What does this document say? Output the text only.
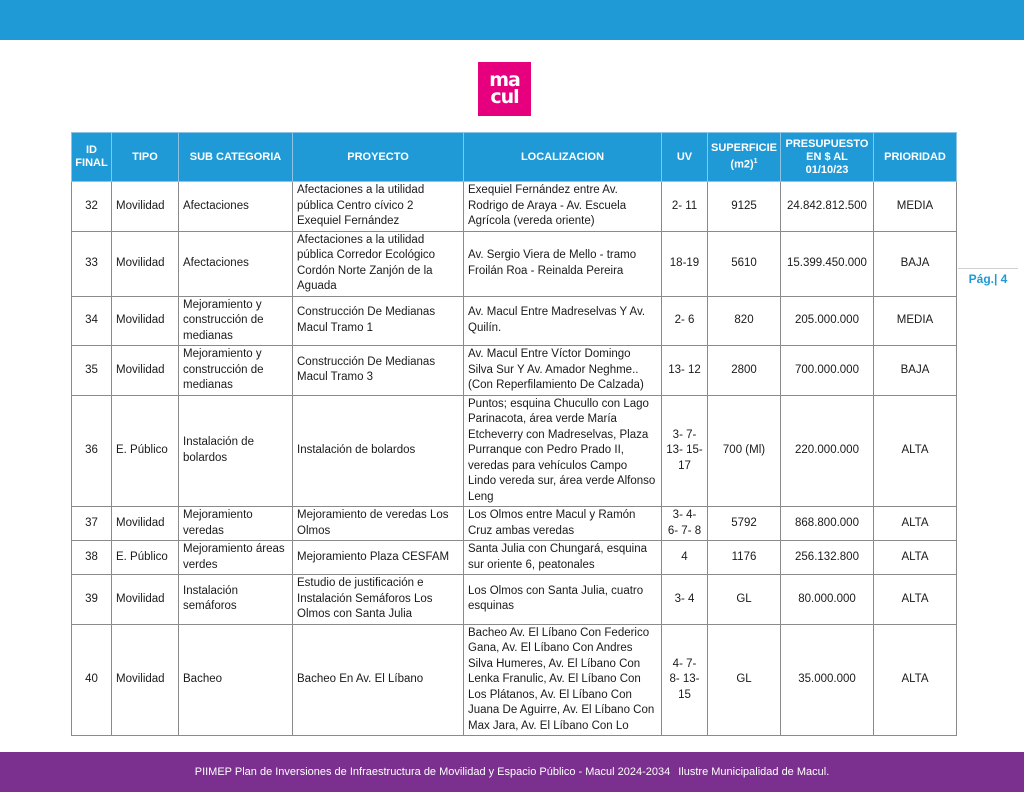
ma
cul
Pág.| 4
ID FINAL	TIPO	SUB CATEGORIA	PROYECTO	LOCALIZACION	UV	SUPERFICIE $(m2)^1$	PRESUPUESTO EN $ AL 01/10/23	PRIORIDAD
32	Movilidad	Afectaciones	Afectaciones a la utilidad pública Centro cívico 2 Exequiel Fernández	Exequiel Fernández entre Av. Rodrigo de Araya - Av. Escuela Agrícola (vereda oriente)	2- 11	9125	24.842.812.500	MEDIA
33	Movilidad	Afectaciones	Afectaciones a la utilidad pública Corredor Ecológico Cordón Norte Zanjón de la Aguada	Av. Sergio Viera de Mello - tramo Froilán Roa - Reinalda Pereira	18-19	5610	15.399.450.000	BAJA
34	Movilidad	Mejoramiento y construcción de medianas	Construcción De Medianas Macul Tramo 1	Av. Macul Entre Madreselvas Y Av. Quilín.	2- 6	820	205.000.000	MEDIA
35	Movilidad	Mejoramiento y construcción de medianas	Construcción De Medianas Macul Tramo 3	Av. Macul Entre Víctor Domingo Silva Sur Y Av. Amador Neghme.. (Con Reperfilamiento De Calzada)	13- 12	2800	700.000.000	BAJA
36	E. Público	Instalación de bolardos	Instalación de bolardos	Puntos; esquina Chucullo con Lago Parinacota, área verde María Etcheverry con Madreselvas, Plaza Purranque con Pedro Prado II, veredas para vehículos Campo Lindo vereda sur, área verde Alfonso Leng	3- 7- 13- 15- 17	700 (Ml)	220.000.000	ALTA
37	Movilidad	Mejoramiento veredas	Mejoramiento de veredas Los Olmos	Los Olmos entre Macul y Ramón Cruz ambas veredas	3- 4- 6- 7- 8	5792	868.800.000	ALTA
38	E. Público	Mejoramiento áreas verdes	Mejoramiento Plaza CESFAM	Santa Julia con Chungará, esquina sur oriente 6, peatonales	4	1176	256.132.800	ALTA
39	Movilidad	Instalación semáforos	Estudio de justificación e Instalación Semáforos Los Olmos con Santa Julia	Los Olmos con Santa Julia, cuatro esquinas	3- 4	GL	80.000.000	ALTA
40	Movilidad	Bacheo	Bacheo En Av. El Líbano	Bacheo Av. El Líbano Con Federico Gana, Av. El Líbano Con Andres Silva Humeres, Av. El Líbano Con Lenka Franulic, Av. El Líbano Con Los Plátanos, Av. El Líbano Con Juana De Aguirre, Av. El Líbano Con Max Jara, Av. El Líbano Con Lo	4- 7- 8- 13- 15	GL	35.000.000	ALTA
PIIMEP Plan de Inversiones de Infraestructura de Movilidad y Espacio Público - Macul 2024-2034 Ilustre Municipalidad de Macul.
